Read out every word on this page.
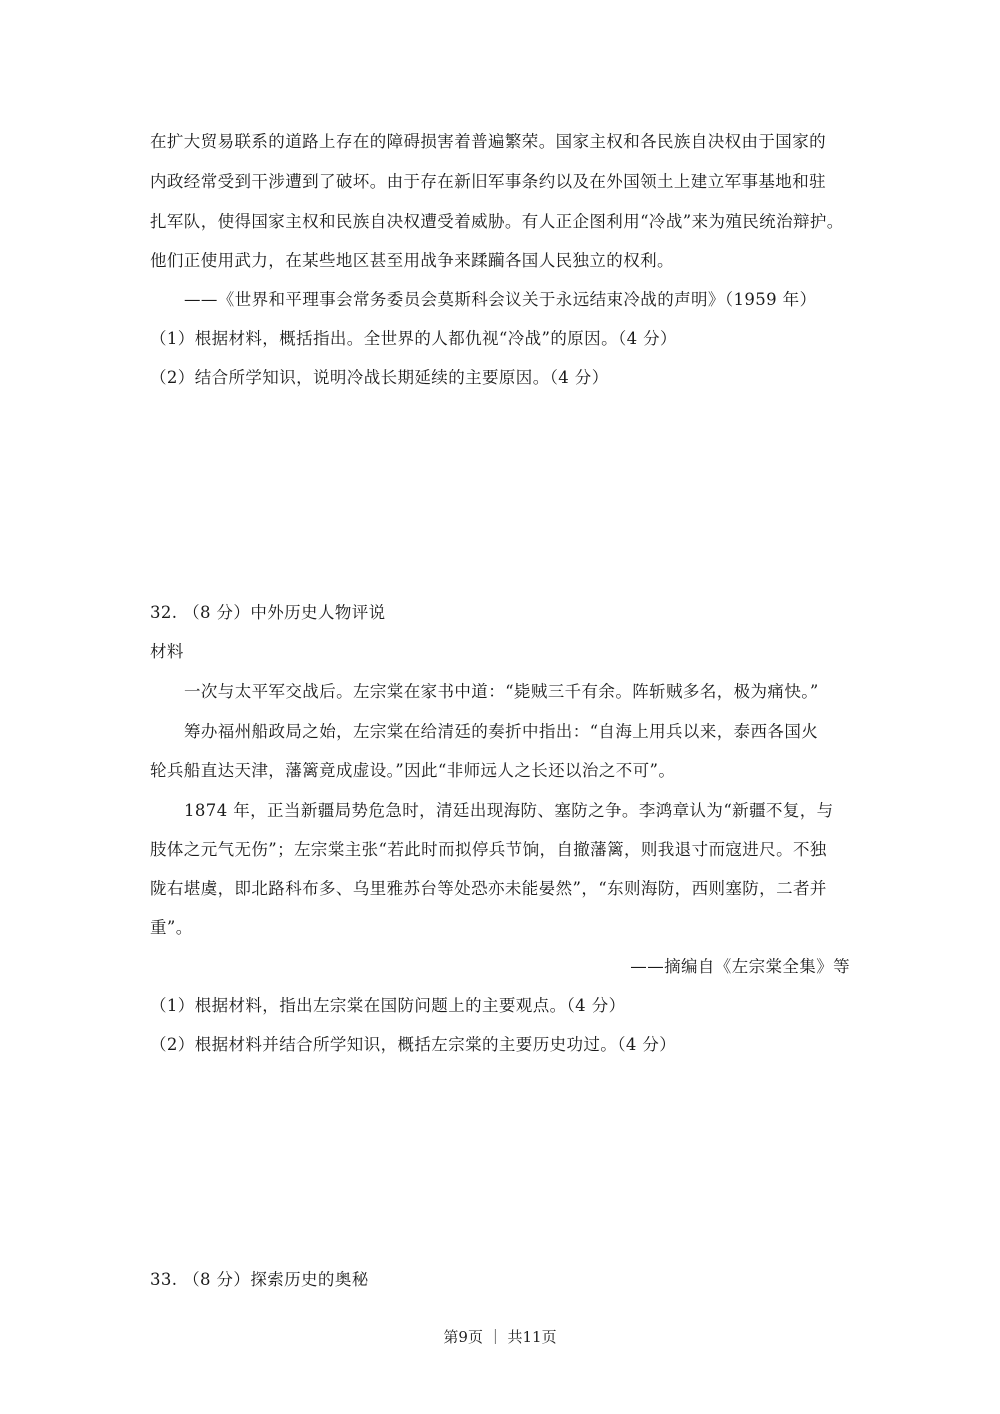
在扩大贸易联系的道路上存在的障碍损害着普遍繁荣。国家主权和各民族自决权由于国家的
内政经常受到干涉遭到了破坏。由于存在新旧军事条约以及在外国领土上建立军事基地和驻
扎军队，使得国家主权和民族自决权遭受着威胁。有人正企图利用“冷战”来为殖民统治辩护。
他们正使用武力，在某些地区甚至用战争来蹂躏各国人民独立的权利。
——《世界和平理事会常务委员会莫斯科会议关于永远结束冷战的声明》（1959 年）
（1）根据材料，概括指出。全世界的人都仇视“冷战”的原因。（4 分）
（2）结合所学知识，说明冷战长期延续的主要原因。（4 分）
32. （8 分）中外历史人物评说
材料
一次与太平军交战后。左宗棠在家书中道：“毙贼三千有余。阵斩贼多名，极为痛快。”
筹办福州船政局之始，左宗棠在给清廷的奏折中指出：“自海上用兵以来，泰西各国火
轮兵船直达天津，藩篱竟成虚设。”因此“非师远人之长还以治之不可”。
1874 年，正当新疆局势危急时，清廷出现海防、塞防之争。李鸿章认为“新疆不复，与
肢体之元气无伤”；左宗棠主张“若此时而拟停兵节饷，自撤藩篱，则我退寸而寇进尺。不独
陇右堪虞，即北路科布多、乌里雅苏台等处恐亦未能晏然”，“东则海防，西则塞防，二者并
重”。
——摘编自《左宗棠全集》等
（1）根据材料，指出左宗棠在国防问题上的主要观点。（4 分）
（2）根据材料并结合所学知识，概括左宗棠的主要历史功过。（4 分）
33. （8 分）探索历史的奥秘
第9页 ｜ 共11页
